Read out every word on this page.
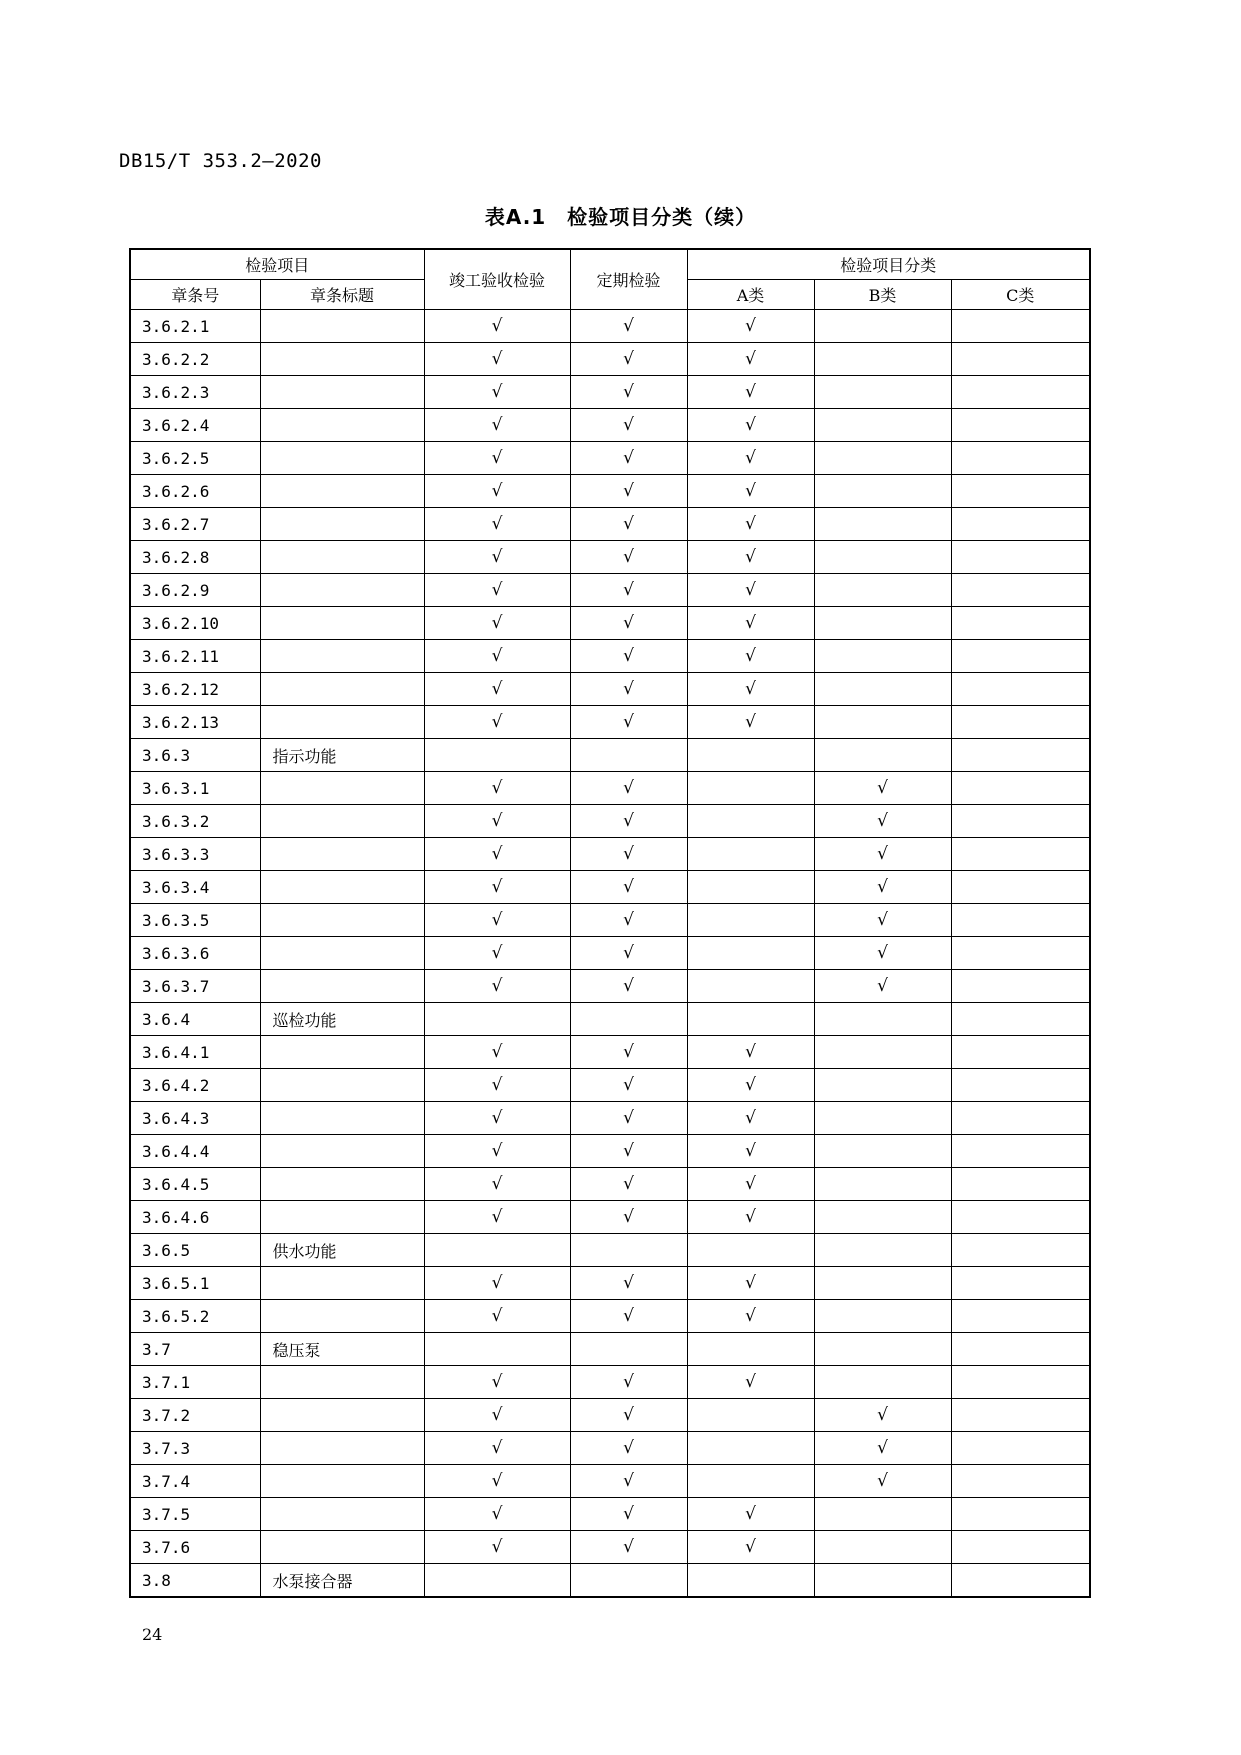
DB15/T 353.2—2020
表A.1 检验项目分类（续）
检验项目		竣工验收检验	定期检验	检验项目分类		
章条号	章条标题			A类	B类	C类
3.6.2.1		√	√	√		
3.6.2.2		√	√	√		
3.6.2.3		√	√	√		
3.6.2.4		√	√	√		
3.6.2.5		√	√	√		
3.6.2.6		√	√	√		
3.6.2.7		√	√	√		
3.6.2.8		√	√	√		
3.6.2.9		√	√	√		
3.6.2.10		√	√	√		
3.6.2.11		√	√	√		
3.6.2.12		√	√	√		
3.6.2.13		√	√	√		
3.6.3	指示功能					
3.6.3.1		√	√		√	
3.6.3.2		√	√		√	
3.6.3.3		√	√		√	
3.6.3.4		√	√		√	
3.6.3.5		√	√		√	
3.6.3.6		√	√		√	
3.6.3.7		√	√		√	
3.6.4	巡检功能					
3.6.4.1		√	√	√		
3.6.4.2		√	√	√		
3.6.4.3		√	√	√		
3.6.4.4		√	√	√		
3.6.4.5		√	√	√		
3.6.4.6		√	√	√		
3.6.5	供水功能					
3.6.5.1		√	√	√		
3.6.5.2		√	√	√		
3.7	稳压泵					
3.7.1		√	√	√		
3.7.2		√	√		√	
3.7.3		√	√		√	
3.7.4		√	√		√	
3.7.5		√	√	√		
3.7.6		√	√	√		
3.8	水泵接合器					
24
